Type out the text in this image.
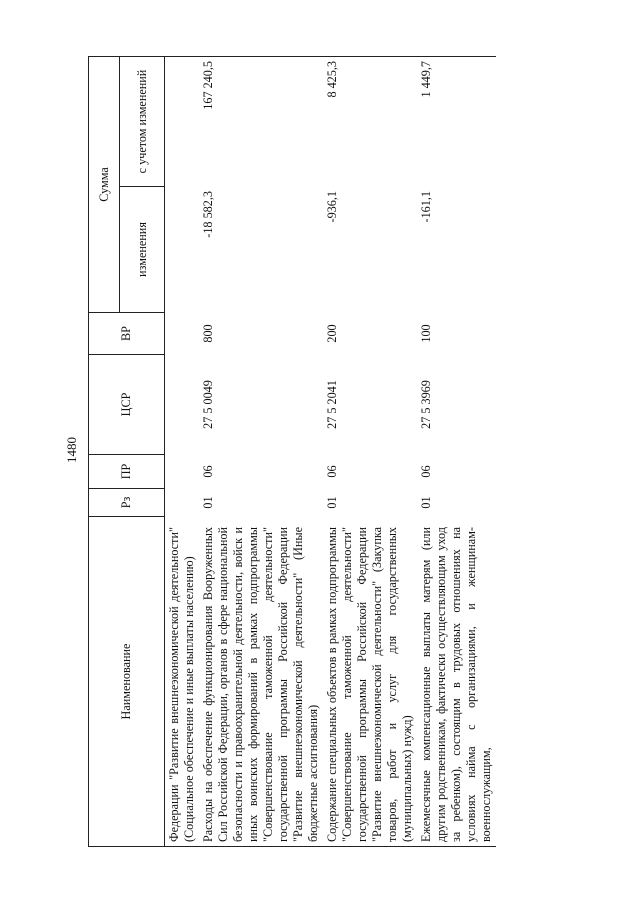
1480
Наименование	Рз	ПР	ЦСР	ВР	Сумма	
					изменения	с учетом изменений
Федерации "Развитие внешнеэкономической деятельности" (Социальное обеспечение и иные выплаты населению)						
Расходы на обеспечение функционирования Вооруженных Сил Российской Федерации, органов в сфере национальной безопасности и правоохранительной деятельности, войск и иных воинских формирований в рамках подпрограммы "Совершенствование таможенной деятельности" государственной программы Российской Федерации "Развитие внешнеэкономической деятельности" (Иные бюджетные ассигнования)	01	06	27 5 0049	800	-18 582,3	167 240,5
Содержание специальных объектов в рамках подпрограммы "Совершенствование таможенной деятельности" государственной программы Российской Федерации "Развитие внешнеэкономической деятельности" (Закупка товаров, работ и услуг для государственных (муниципальных) нужд)	01	06	27 5 2041	200	-936,1	8 425,3
Ежемесячные компенсационные выплаты матерям (или другим родственникам, фактически осуществляющим уход за ребенком), состоящим в трудовых отношениях на условиях найма с организациями, и женщинам-военнослужащим,	01	06	27 5 3969	100	-161,1	1 449,7
